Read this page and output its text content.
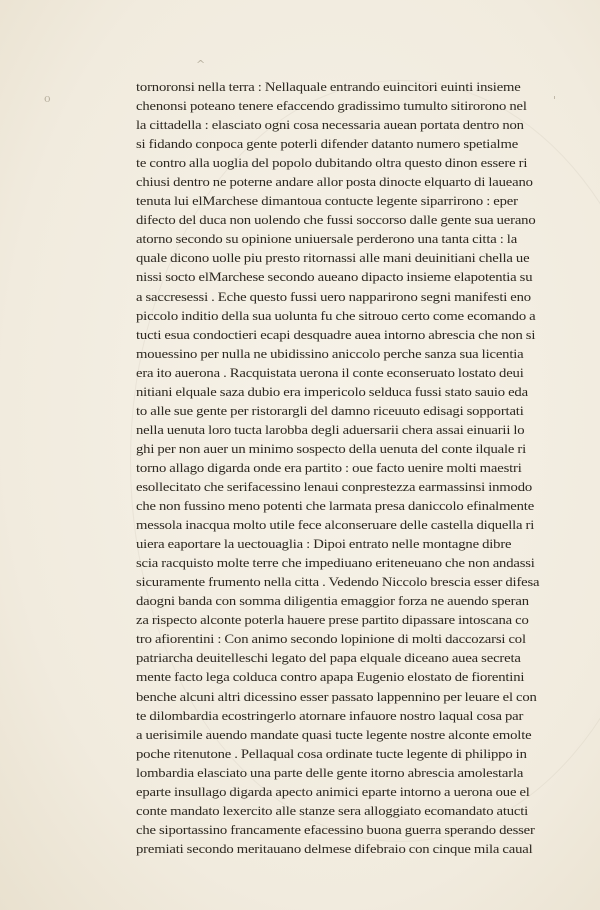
^
o	'
tornoronsi nella terra : Nellaquale entrando euincitori euinti insieme
chenonsi poteano tenere efaccendo gradissimo tumulto sitirorono nel
la cittadella : elasciato ogni cosa necessaria auean portata dentro non
si fidando conpoca gente poterli difender datanto numero spetialme
te contro alla uoglia del popolo dubitando oltra questo dinon essere ri
chiusi dentro ne poterne andare allor posta dinocte elquarto di laueano
tenuta lui elMarchese dimantoua contucte legente siparrirono : eper
difecto del duca non uolendo che fussi soccorso dalle gente sua uerano
atorno secondo su opinione uniuersale perderono una tanta citta : la
quale dicono uolle piu presto ritornassi alle mani deuinitiani chella ue
nissi socto elMarchese secondo aueano dipacto insieme elapotentia su
a saccresessi . Eche questo fussi uero napparirono segni manifesti eno
piccolo inditio della sua uolunta fu che sitrouo certo come ecomando a
tucti esua condoctieri ecapi desquadre auea intorno abrescia che non si
mouessino per nulla ne ubidissino aniccolo perche sanza sua licentia
era ito auerona . Racquistata uerona il conte econseruato lostato deui
nitiani elquale saza dubio era impericolo selduca fussi stato sauio eda
to alle sue gente per ristorargli del damno riceuuto edisagi sopportati
nella uenuta loro tucta larobba degli aduersarii chera assai einuarii lo
ghi per non auer un minimo sospecto della uenuta del conte ilquale ri
torno allago digarda onde era partito : oue facto uenire molti maestri
esollecitato che serifacessino lenaui conprestezza earmassinsi inmodo
che non fussino meno potenti che larmata presa daniccolo efinalmente
messola inacqua molto utile fece alconseruare delle castella diquella ri
uiera eaportare la uectouaglia : Dipoi entrato nelle montagne dibre
scia racquisto molte terre che impediuano eriteneuano che non andassi
sicuramente frumento nella citta . Vedendo Niccolo brescia esser difesa
daogni banda con somma diligentia emaggior forza ne auendo speran
za rispecto alconte poterla hauere prese partito dipassare intoscana co
tro afiorentini : Con animo secondo lopinione di molti daccozarsi col
patriarcha deuitelleschi legato del papa elquale diceano auea secreta
mente facto lega colduca contro apapa Eugenio elostato de fiorentini
benche alcuni altri dicessino esser passato lappennino per leuare el con
te dilombardia ecostringerlo atornare infauore nostro laqual cosa par
a uerisimile auendo mandate quasi tucte legente nostre alconte emolte
poche ritenutone . Pellaqual cosa ordinate tucte legente di philippo in
lombardia elasciato una parte delle gente itorno abrescia amolestarla
eparte insullago digarda apecto animici eparte intorno a uerona oue el
conte mandato lexercito alle stanze sera alloggiato ecomandato atucti
che siportassino francamente efacessino buona guerra sperando desser
premiati secondo meritauano delmese difebraio con cinque mila caual
